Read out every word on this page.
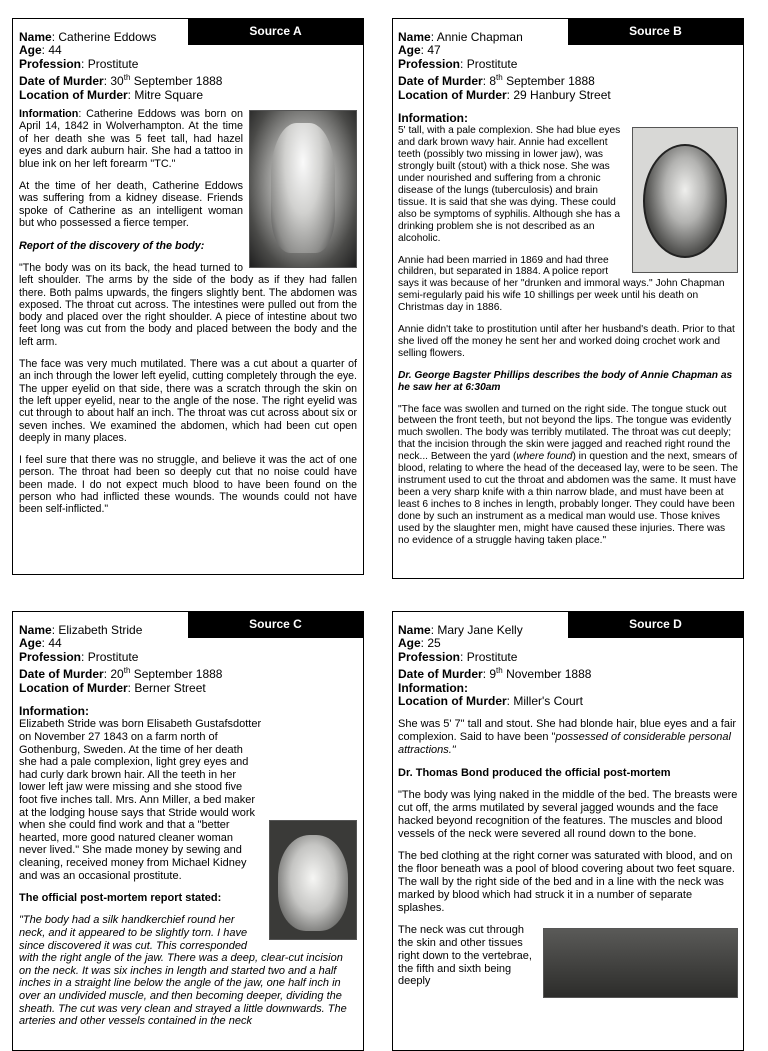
Source A
Name: Catherine Eddows
Age: 44
Profession: Prostitute
Date of Murder: 30th September 1888
Location of Murder: Mitre Square

Information: Catherine Eddows was born on April 14, 1842 in Wolverhampton. At the time of her death she was 5 feet tall, had hazel eyes and dark auburn hair. She had a tattoo in blue ink on her left forearm "TC."

At the time of her death, Catherine Eddows was suffering from a kidney disease. Friends spoke of Catherine as an intelligent woman but who possessed a fierce temper.

Report of the discovery of the body:

"The body was on its back, the head turned to left shoulder. The arms by the side of the body as if they had fallen there. Both palms upwards, the fingers slightly bent. The abdomen was exposed. The throat cut across. The intestines were pulled out from the body and placed over the right shoulder. A piece of intestine about two feet long was cut from the body and placed between the body and the left arm.

The face was very much mutilated. There was a cut about a quarter of an inch through the lower left eyelid, cutting completely through the eye. The upper eyelid on that side, there was a scratch through the skin on the left upper eyelid, near to the angle of the nose. The right eyelid was cut through to about half an inch. The throat was cut across about six or seven inches. We examined the abdomen, which had been cut open deeply in many places.

I feel sure that there was no struggle, and believe it was the act of one person. The throat had been so deeply cut that no noise could have been made. I do not expect much blood to have been found on the person who had inflicted these wounds. The wounds could not have been self-inflicted."

Source B
Name: Annie Chapman
Age: 47
Profession: Prostitute
Date of Murder: 8th September 1888
Location of Murder: 29 Hanbury Street
Information:

5' tall, with a pale complexion. She had blue eyes and dark brown wavy hair. Annie had excellent teeth (possibly two missing in lower jaw), was strongly built (stout) with a thick nose. She was under nourished and suffering from a chronic disease of the lungs (tuberculosis) and brain tissue. It is said that she was dying. These could also be symptoms of syphilis. Although she has a drinking problem she is not described as an alcoholic.

Annie had been married in 1869 and had three children, but separated in 1884. A police report says it was because of her "drunken and immoral ways." John Chapman semi-regularly paid his wife 10 shillings per week until his death on Christmas day in 1886.

Annie didn't take to prostitution until after her husband's death. Prior to that she lived off the money he sent her and worked doing crochet work and selling flowers.

Dr. George Bagster Phillips describes the body of Annie Chapman as he saw her at 6:30am

"The face was swollen and turned on the right side. The tongue stuck out between the front teeth, but not beyond the lips. The tongue was evidently much swollen. The body was terribly mutilated. The throat was cut deeply; that the incision through the skin were jagged and reached right round the neck... Between the yard (where found) in question and the next, smears of blood, relating to where the head of the deceased lay, were to be seen. The instrument used to cut the throat and abdomen was the same. It must have been a very sharp knife with a thin narrow blade, and must have been at least 6 inches to 8 inches in length, probably longer. They could have been done by such an instrument as a medical man would use. Those knives used by the slaughter men, might have caused these injuries. There was no evidence of a struggle having taken place."

Source C
Name: Elizabeth Stride
Age: 44
Profession: Prostitute
Date of Murder: 20th September 1888
Location of Murder: Berner Street
Information:

Elizabeth Stride was born Elisabeth Gustafsdotter on November 27 1843 on a farm north of Gothenburg, Sweden. At the time of her death she had a pale complexion, light grey eyes and had curly dark brown hair. All the teeth in her lower left jaw were missing and she stood five foot five inches tall. Mrs. Ann Miller, a bed maker at the lodging house says that Stride would work when she could find work and that a "better hearted, more good natured cleaner woman never lived." She made money by sewing and cleaning, received money from Michael Kidney and was an occasional prostitute.

The official post-mortem report stated:

"The body had a silk handkerchief round her neck, and it appeared to be slightly torn. I have since discovered it was cut. This corresponded with the right angle of the jaw. There was a deep, clear-cut incision on the neck. It was six inches in length and started two and a half inches in a straight line below the angle of the jaw, one half inch in over an undivided muscle, and then becoming deeper, dividing the sheath. The cut was very clean and strayed a little downwards. The arteries and other vessels contained in the neck

Source D
Name: Mary Jane Kelly
Age: 25
Profession: Prostitute
Date of Murder: 9th November 1888
Information:
Location of Murder: Miller's Court

She was 5' 7" tall and stout. She had blonde hair, blue eyes and a fair complexion. Said to have been "possessed of considerable personal attractions."

Dr. Thomas Bond produced the official post-mortem

"The body was lying naked in the middle of the bed. The breasts were cut off, the arms mutilated by several jagged wounds and the face hacked beyond recognition of the features. The muscles and blood vessels of the neck were severed all round down to the bone.

The bed clothing at the right corner was saturated with blood, and on the floor beneath was a pool of blood covering about two feet square. The wall by the right side of the bed and in a line with the neck was marked by blood which had struck it in a number of separate splashes.

The neck was cut through the skin and other tissues right down to the vertebrae, the fifth and sixth being deeply
